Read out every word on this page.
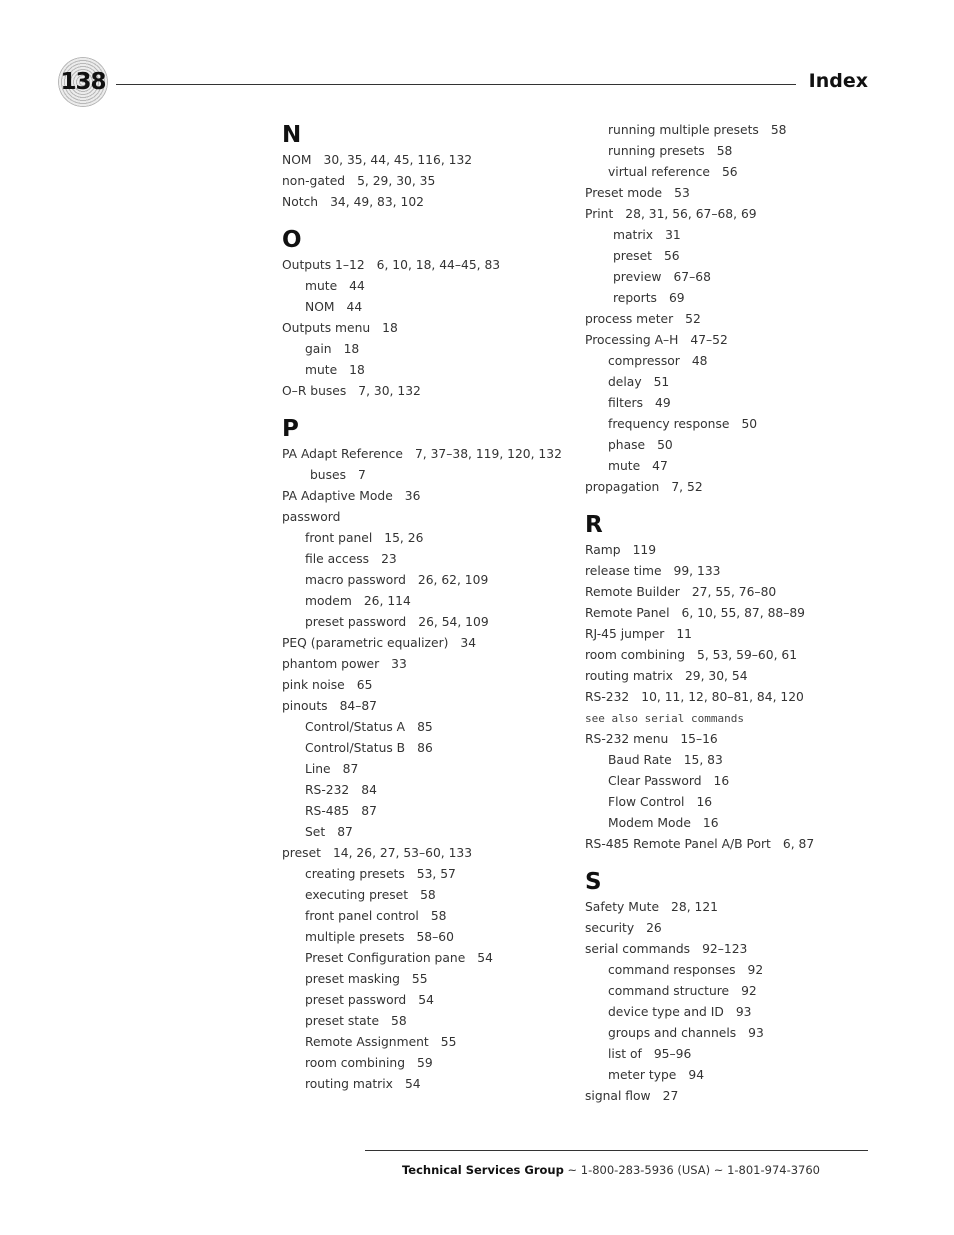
138	Index
N
NOM 30, 35, 44, 45, 116, 132
non-gated 5, 29, 30, 35
Notch 34, 49, 83, 102
O
Outputs 1–12 6, 10, 18, 44–45, 83
mute 44
NOM 44
Outputs menu 18
gain 18
mute 18
O–R buses 7, 30, 132
P
PA Adapt Reference 7, 37–38, 119, 120, 132
buses 7
PA Adaptive Mode 36
password
front panel 15, 26
file access 23
macro password 26, 62, 109
modem 26, 114
preset password 26, 54, 109
PEQ (parametric equalizer) 34
phantom power 33
pink noise 65
pinouts 84–87
Control/Status A 85
Control/Status B 86
Line 87
RS-232 84
RS-485 87
Set 87
preset 14, 26, 27, 53–60, 133
creating presets 53, 57
executing preset 58
front panel control 58
multiple presets 58–60
Preset Configuration pane 54
preset masking 55
preset password 54
preset state 58
Remote Assignment 55
room combining 59
routing matrix 54
running multiple presets 58
running presets 58
virtual reference 56
Preset mode 53
Print 28, 31, 56, 67–68, 69
matrix 31
preset 56
preview 67–68
reports 69
process meter 52
Processing A–H 47–52
compressor 48
delay 51
filters 49
frequency response 50
phase 50
mute 47
propagation 7, 52
R
Ramp 119
release time 99, 133
Remote Builder 27, 55, 76–80
Remote Panel 6, 10, 55, 87, 88–89
RJ-45 jumper 11
room combining 5, 53, 59–60, 61
routing matrix 29, 30, 54
RS-232 10, 11, 12, 80–81, 84, 120
see also serial commands
RS-232 menu 15–16
Baud Rate 15, 83
Clear Password 16
Flow Control 16
Modem Mode 16
RS-485 Remote Panel A/B Port 6, 87
S
Safety Mute 28, 121
security 26
serial commands 92–123
command responses 92
command structure 92
device type and ID 93
groups and channels 93
list of 95–96
meter type 94
signal flow 27
Technical Services Group ~ 1-800-283-5936 (USA) ~ 1-801-974-3760
